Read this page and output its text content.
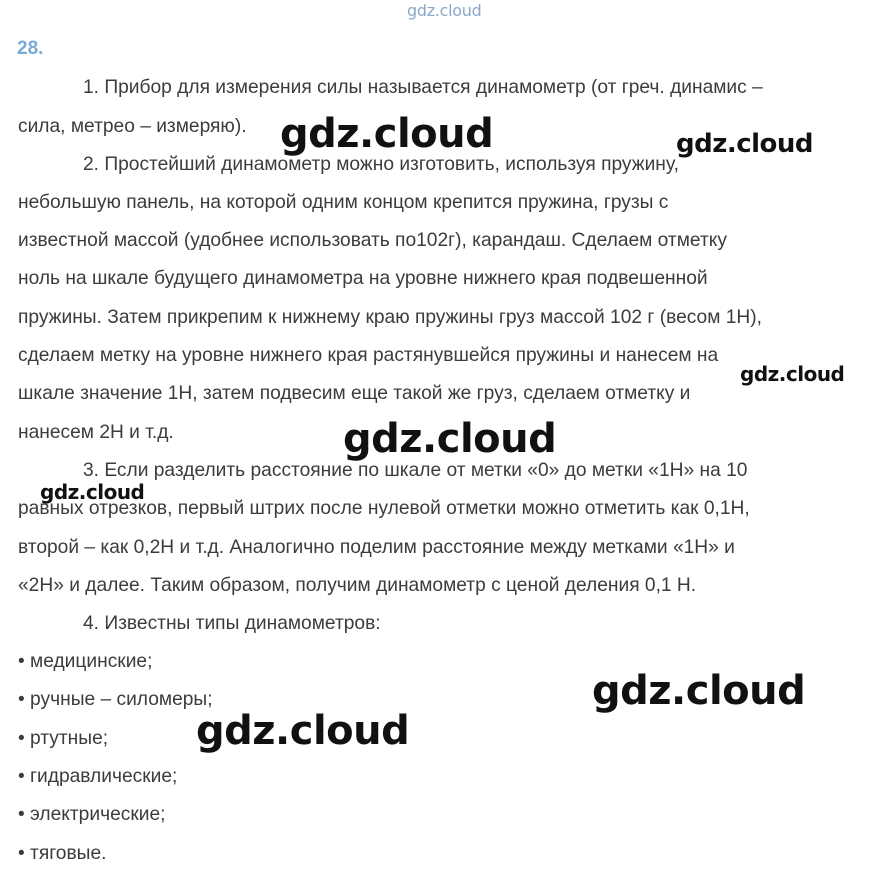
gdz.cloud
28.
1. Прибор для измерения силы называется динамометр (от греч. динамис –
сила, метрео – измеряю).
2. Простейший динамометр можно изготовить, используя пружину,
небольшую панель, на которой одним концом крепится пружина, грузы с
известной массой (удобнее использовать по102г), карандаш. Сделаем отметку
ноль на шкале будущего динамометра на уровне нижнего края подвешенной
пружины. Затем прикрепим к нижнему краю пружины груз массой 102 г (весом 1Н),
сделаем метку на уровне нижнего края растянувшейся пружины и нанесем на
шкале значение 1Н, затем подвесим еще такой же груз, сделаем отметку и
нанесем 2Н и т.д.
3. Если разделить расстояние по шкале от метки «0» до метки «1Н» на 10
равных отрезков, первый штрих после нулевой отметки можно отметить как 0,1Н,
второй – как 0,2Н и т.д. Аналогично поделим расстояние между метками «1Н» и
«2Н» и далее. Таким образом, получим динамометр с ценой деления 0,1 Н.
4. Известны типы динамометров:
• медицинские;
• ручные – силомеры;
• ртутные;
• гидравлические;
• электрические;
• тяговые.
gdz.cloud	gdz.cloud
gdz.cloud
gdz.cloud
gdz.cloud
gdz.cloud
gdz.cloud
